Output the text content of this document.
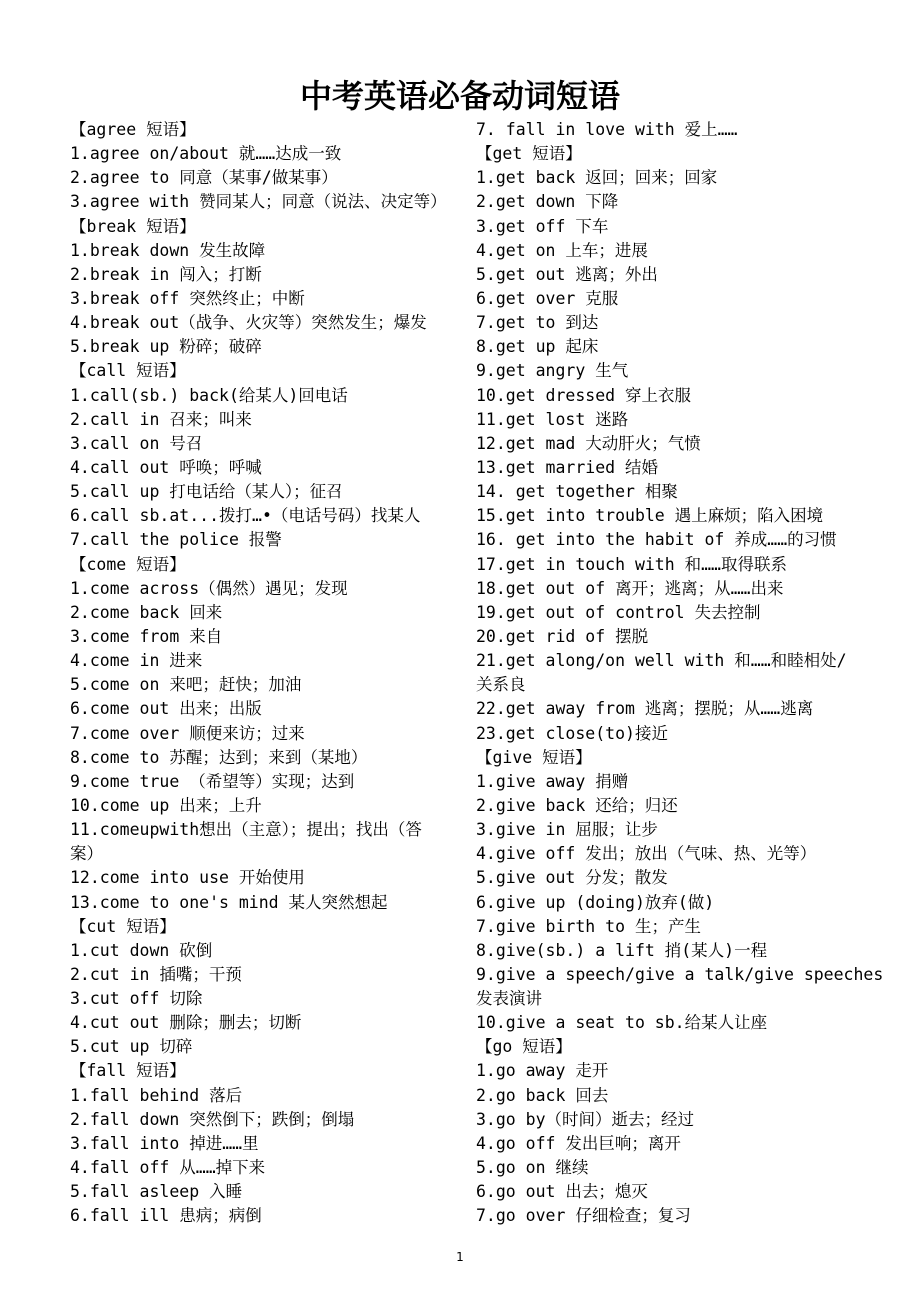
中考英语必备动词短语
【agree 短语】
1.agree on/about 就……达成一致
2.agree to 同意（某事/做某事）
3.agree with 赞同某人；同意（说法、决定等）
【break 短语】
1.break down 发生故障
2.break in 闯入；打断
3.break off 突然终止；中断
4.break out（战争、火灾等）突然发生；爆发
5.break up 粉碎；破碎
【call 短语】
1.call(sb.) back(给某人)回电话
2.call in 召来；叫来
3.call on 号召
4.call out 呼唤；呼喊
5.call up 打电话给（某人）；征召
6.call sb.at...拨打…•（电话号码）找某人
7.call the police 报警
【come 短语】
1.come across（偶然）遇见；发现
2.come back 回来
3.come from 来自
4.come in 进来
5.come on 来吧；赶快；加油
6.come out 出来；出版
7.come over 顺便来访；过来
8.come to 苏醒；达到；来到（某地）
9.come true （希望等）实现；达到
10.come up 出来；上升
11.comeupwith想出（主意）；提出；找出（答
案）
12.come into use 开始使用
13.come to one's mind 某人突然想起
【cut 短语】
1.cut down 砍倒
2.cut in 插嘴；干预
3.cut off 切除
4.cut out 删除；删去；切断
5.cut up 切碎
【fall 短语】
1.fall behind 落后
2.fall down 突然倒下；跌倒；倒塌
3.fall into 掉进……里
4.fall off 从……掉下来
5.fall asleep 入睡
6.fall ill 患病；病倒
7. fall in love with 爱上……
【get 短语】
1.get back 返回；回来；回家
2.get down 下降
3.get off 下车
4.get on 上车；进展
5.get out 逃离；外出
6.get over 克服
7.get to 到达
8.get up 起床
9.get angry 生气
10.get dressed 穿上衣服
11.get lost 迷路
12.get mad 大动肝火；气愤
13.get married 结婚
14. get together 相聚
15.get into trouble 遇上麻烦；陷入困境
16. get into the habit of 养成……的习惯
17.get in touch with 和……取得联系
18.get out of 离开；逃离；从……出来
19.get out of control 失去控制
20.get rid of 摆脱
21.get along/on well with 和……和睦相处/
关系良
22.get away from 逃离；摆脱；从……逃离
23.get close(to)接近
【give 短语】
1.give away 捐赠
2.give back 还给；归还
3.give in 屈服；让步
4.give off 发出；放出（气味、热、光等）
5.give out 分发；散发
6.give up (doing)放弃(做)
7.give birth to 生；产生
8.give(sb.) a lift 捎(某人)一程
9.give a speech/give a talk/give speeches
发表演讲
10.give a seat to sb.给某人让座
【go 短语】
1.go away 走开
2.go back 回去
3.go by（时间）逝去；经过
4.go off 发出巨响；离开
5.go on 继续
6.go out 出去；熄灭
7.go over 仔细检查；复习
1
